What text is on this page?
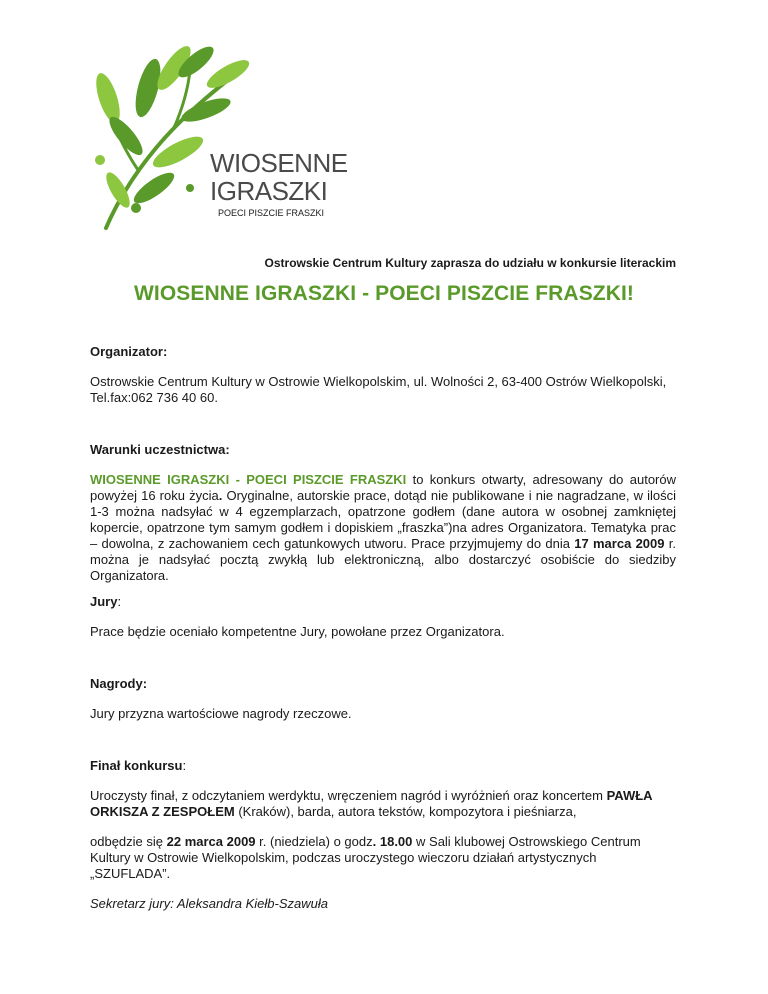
WIOSENNE
IGRASZKI
POECI PISZCIE FRASZKI
Ostrowskie Centrum Kultury zaprasza do udziału w konkursie literackim
WIOSENNE IGRASZKI - POECI PISZCIE FRASZKI!

Organizator:

Ostrowskie Centrum Kultury w Ostrowie Wielkopolskim, ul. Wolności 2, 63-400 Ostrów Wielkopolski,
Tel.fax:062 736 40 60.

Warunki uczestnictwa:

WIOSENNE IGRASZKI - POECI PISZCIE FRASZKI to konkurs otwarty, adresowany do autorów powyżej 16 roku życia. Oryginalne, autorskie prace, dotąd nie publikowane i nie nagradzane, w ilości 1-3 można nadsyłać w 4 egzemplarzach, opatrzone godłem (dane autora w osobnej zamkniętej kopercie, opatrzone tym samym godłem i dopiskiem „fraszka”)na adres Organizatora. Tematyka prac – dowolna, z zachowaniem cech gatunkowych utworu. Prace przyjmujemy do dnia 17 marca 2009 r. można je nadsyłać pocztą zwykłą lub elektroniczną, albo dostarczyć osobiście do siedziby Organizatora.

Jury:

Prace będzie oceniało kompetentne Jury, powołane przez Organizatora.

Nagrody:

Jury przyzna wartościowe nagrody rzeczowe.

Finał konkursu:

Uroczysty finał, z odczytaniem werdyktu, wręczeniem nagród i wyróżnień oraz koncertem PAWŁA ORKISZA Z ZESPOŁEM (Kraków), barda, autora tekstów, kompozytora i pieśniarza,

odbędzie się 22 marca 2009 r. (niedziela) o godz. 18.00 w Sali klubowej Ostrowskiego Centrum Kultury w Ostrowie Wielkopolskim, podczas uroczystego wieczoru działań artystycznych „SZUFLADA”.

Sekretarz jury: Aleksandra Kiełb-Szawuła
